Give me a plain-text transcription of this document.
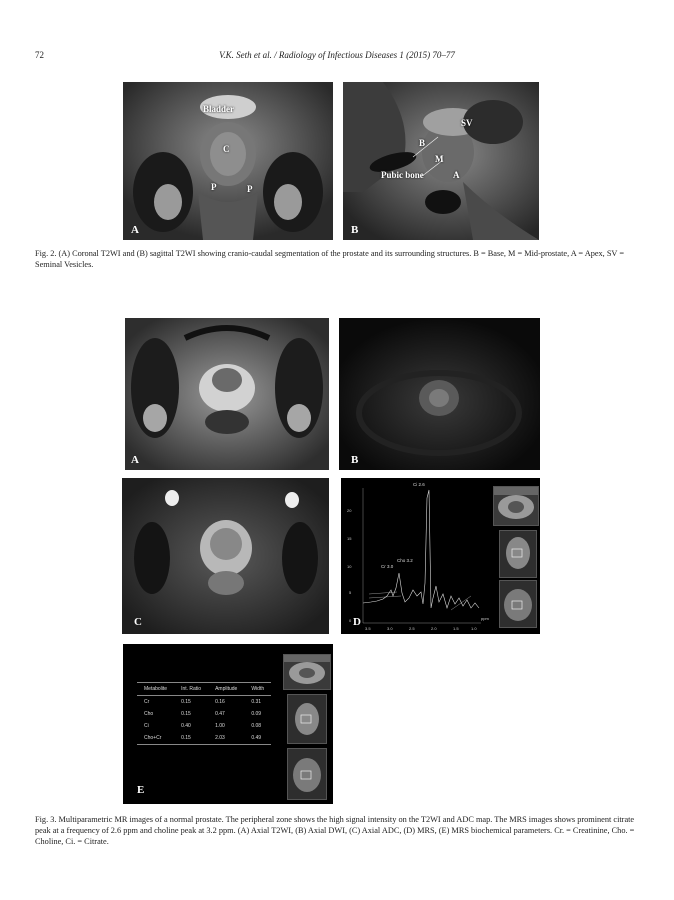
72	V.K. Seth et al. / Radiology of Infectious Diseases 1 (2015) 70–77
Bladder
C
P	P
A
SV
B
M
Pubic bone	A
B
Fig. 2. (A) Coronal T2WI and (B) sagittal T2WI showing cranio-caudal segmentation of the prostate and its surrounding structures. B = Base, M = Mid-prostate, A = Apex, SV = Seminal Vesicles.
A	B
C
Ci 2.6
Cho 3.2
Cr 3.0
20
15
10
5
0
3.5	3.0	2.5	2.0	1.5	1.0
ppm
D
Metabolite	Int. Ratio	Amplitude	Width
Cr	0.15	0.16	0.31
Cho	0.15	0.47	0.09
Ci	0.40	1.00	0.08
Cho+Cr	0.15	2.03	0.49
E
Fig. 3. Multiparametric MR images of a normal prostate. The peripheral zone shows the high signal intensity on the T2WI and ADC map. The MRS images shows prominent citrate peak at a frequency of 2.6 ppm and choline peak at 3.2 ppm. (A) Axial T2WI, (B) Axial DWI, (C) Axial ADC, (D) MRS, (E) MRS biochemical parameters. Cr. = Creatinine, Cho. = Choline, Ci. = Citrate.
